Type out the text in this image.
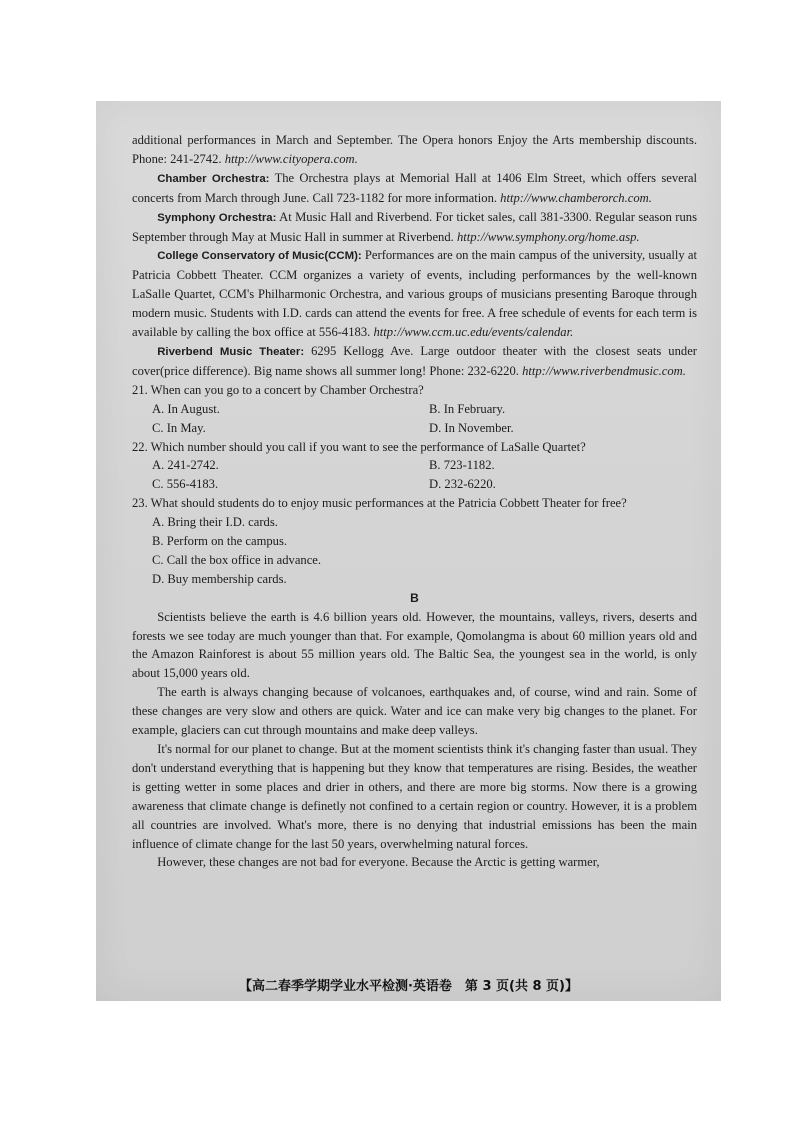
additional performances in March and September. The Opera honors Enjoy the Arts membership discounts. Phone: 241-2742. http://www.cityopera.com.

Chamber Orchestra: The Orchestra plays at Memorial Hall at 1406 Elm Street, which offers several concerts from March through June. Call 723-1182 for more information. http://www.chamberorch.com.

Symphony Orchestra: At Music Hall and Riverbend. For ticket sales, call 381-3300. Regular season runs September through May at Music Hall in summer at Riverbend. http://www.symphony.org/home.asp.

College Conservatory of Music(CCM): Performances are on the main campus of the university, usually at Patricia Cobbett Theater. CCM organizes a variety of events, including performances by the well-known LaSalle Quartet, CCM's Philharmonic Orchestra, and various groups of musicians presenting Baroque through modern music. Students with I.D. cards can attend the events for free. A free schedule of events for each term is available by calling the box office at 556-4183. http://www.ccm.uc.edu/events/calendar.

Riverbend Music Theater: 6295 Kellogg Ave. Large outdoor theater with the closest seats under cover(price difference). Big name shows all summer long! Phone: 232-6220. http://www.riverbendmusic.com.

21. When can you go to a concert by Chamber Orchestra?

A. In August.	B. In February.
C. In May.	D. In November.

22. Which number should you call if you want to see the performance of LaSalle Quartet?

A. 241-2742.	B. 723-1182.
C. 556-4183.	D. 232-6220.

23. What should students do to enjoy music performances at the Patricia Cobbett Theater for free?

A. Bring their I.D. cards.
B. Perform on the campus.
C. Call the box office in advance.
D. Buy membership cards.

B

Scientists believe the earth is 4.6 billion years old. However, the mountains, valleys, rivers, deserts and forests we see today are much younger than that. For example, Qomolangma is about 60 million years old and the Amazon Rainforest is about 55 million years old. The Baltic Sea, the youngest sea in the world, is only about 15,000 years old.

The earth is always changing because of volcanoes, earthquakes and, of course, wind and rain. Some of these changes are very slow and others are quick. Water and ice can make very big changes to the planet. For example, glaciers can cut through mountains and make deep valleys.

It's normal for our planet to change. But at the moment scientists think it's changing faster than usual. They don't understand everything that is happening but they know that temperatures are rising. Besides, the weather is getting wetter in some places and drier in others, and there are more big storms. Now there is a growing awareness that climate change is definetly not confined to a certain region or country. However, it is a problem all countries are involved. What's more, there is no denying that industrial emissions has been the main influence of climate change for the last 50 years, overwhelming natural forces.

However, these changes are not bad for everyone. Because the Arctic is getting warmer,

【高二春季学期学业水平检测·英语卷　第 3 页(共 8 页)】
